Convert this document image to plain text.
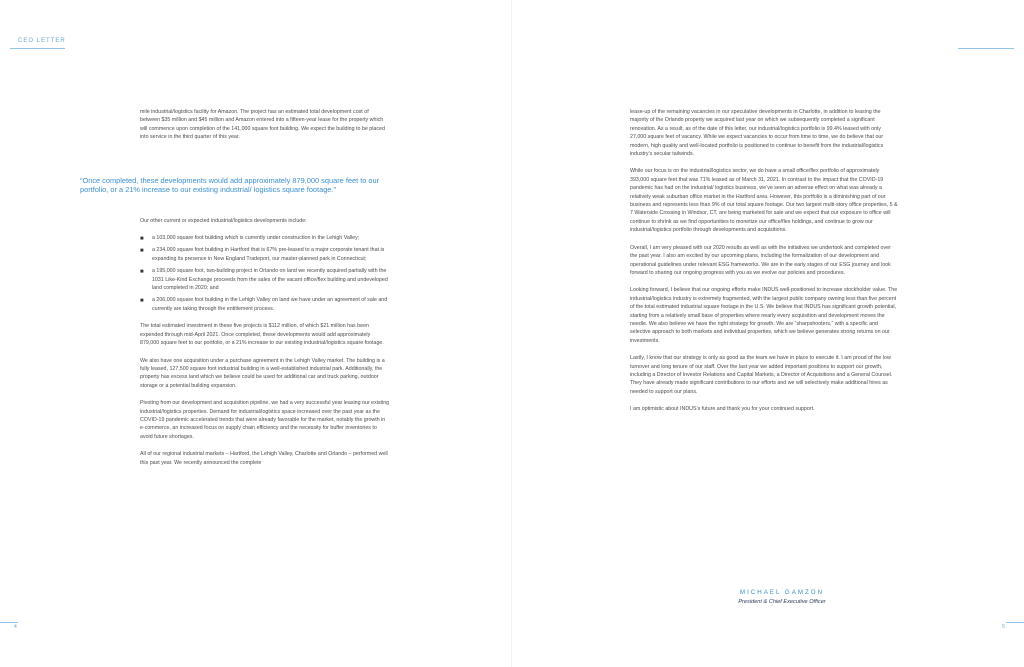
CEO LETTER
4	5

mile industrial/logistics facility for Amazon. The project has an estimated total development cost of between $35 million and $45 million and Amazon entered into a fifteen-year lease for the property which will commence upon completion of the 141,000 square foot building. We expect the building to be placed into service in the third quarter of this year.

Our other current or expected industrial/logistics developments include:

■ a 103,000 square foot building which is currently under construction in the Lehigh Valley;
■ a 234,000 square foot building in Hartford that is 67% pre-leased to a major corporate tenant that is expanding its presence in New England Tradeport, our master-planned park in Connecticut;
■ a 195,000 square foot, two-building project in Orlando on land we recently acquired partially with the 1031 Like-Kind Exchange proceeds from the sales of the vacant office/flex building and undeveloped land completed in 2020; and
■ a 206,000 square foot building in the Lehigh Valley on land we have under an agreement of sale and currently are taking through the entitlement process.

The total estimated investment in these five projects is $112 million, of which $21 million has been expended through mid-April 2021. Once completed, these developments would add approximately 879,000 square feet to our portfolio, or a 21% increase to our existing industrial/logistics square footage.

We also have one acquisition under a purchase agreement in the Lehigh Valley market. The building is a fully leased, 127,500 square foot industrial building in a well-established industrial park. Additionally, the property has excess land which we believe could be used for additional car and truck parking, outdoor storage or a potential building expansion.

Pivoting from our development and acquisition pipeline, we had a very successful year leasing our existing industrial/logistics properties. Demand for industrial/logistics space increased over the past year as the COVID-19 pandemic accelerated trends that were already favorable for the market, notably the growth in e-commerce, an increased focus on supply chain efficiency and the necessity for buffer inventories to avoid future shortages.

All of our regional industrial markets – Hartford, the Lehigh Valley, Charlotte and Orlando – performed well this past year. We recently announced the complete

“Once completed, these developments would add approximately 879,000 square feet to our portfolio, or a 21% increase to our existing industrial/ logistics square footage.”

lease-up of the remaining vacancies in our speculative developments in Charlotte, in addition to leasing the majority of the Orlando property we acquired last year on which we subsequently completed a significant renovation. As a result, as of the date of this letter, our industrial/logistics portfolio is 99.4% leased with only 27,000 square feet of vacancy. While we expect vacancies to occur from time to time, we do believe that our modern, high quality and well-located portfolio is positioned to continue to benefit from the industrial/logistics industry’s secular tailwinds.

While our focus is on the industrial/logistics sector, we do have a small office/flex portfolio of approximately 393,000 square feet that was 71% leased as of March 31, 2021. In contrast to the impact that the COVID-19 pandemic has had on the industrial/ logistics business, we’ve seen an adverse effect on what was already a relatively weak suburban office market in the Hartford area. However, this portfolio is a diminishing part of our business and represents less than 9% of our total square footage. Our two largest multi-story office properties, 5 & 7 Waterside Crossing in Windsor, CT, are being marketed for sale and we expect that our exposure to office will continue to shrink as we find opportunities to monetize our office/flex holdings, and continue to grow our industrial/logistics portfolio through developments and acquisitions.

Overall, I am very pleased with our 2020 results as well as with the initiatives we undertook and completed over the past year. I also am excited by our upcoming plans, including the formalization of our development and operational guidelines under relevant ESG frameworks. We are in the early stages of our ESG journey and look forward to sharing our ongoing progress with you as we evolve our policies and procedures.

Looking forward, I believe that our ongoing efforts make INDUS well-positioned to increase stockholder value. The industrial/logistics industry is extremely fragmented, with the largest public company owning less than five percent of the total estimated industrial square footage in the U.S. We believe that INDUS has significant growth potential, starting from a relatively small base of properties where nearly every acquisition and development moves the needle. We also believe we have the right strategy for growth. We are “sharpshooters,” with a specific and selective approach to both markets and individual properties, which we believe generates strong returns on our investments.

Lastly, I know that our strategy is only as good as the team we have in place to execute it. I am proud of the low turnover and long tenure of our staff. Over the last year we added important positions to support our growth, including a Director of Investor Relations and Capital Markets, a Director of Acquisitions and a General Counsel. They have already made significant contributions to our efforts and we will selectively make additional hires as needed to support our plans.

I am optimistic about INDUS’s future and thank you for your continued support.

MICHAEL GAMZON
President & Chief Executive Officer
